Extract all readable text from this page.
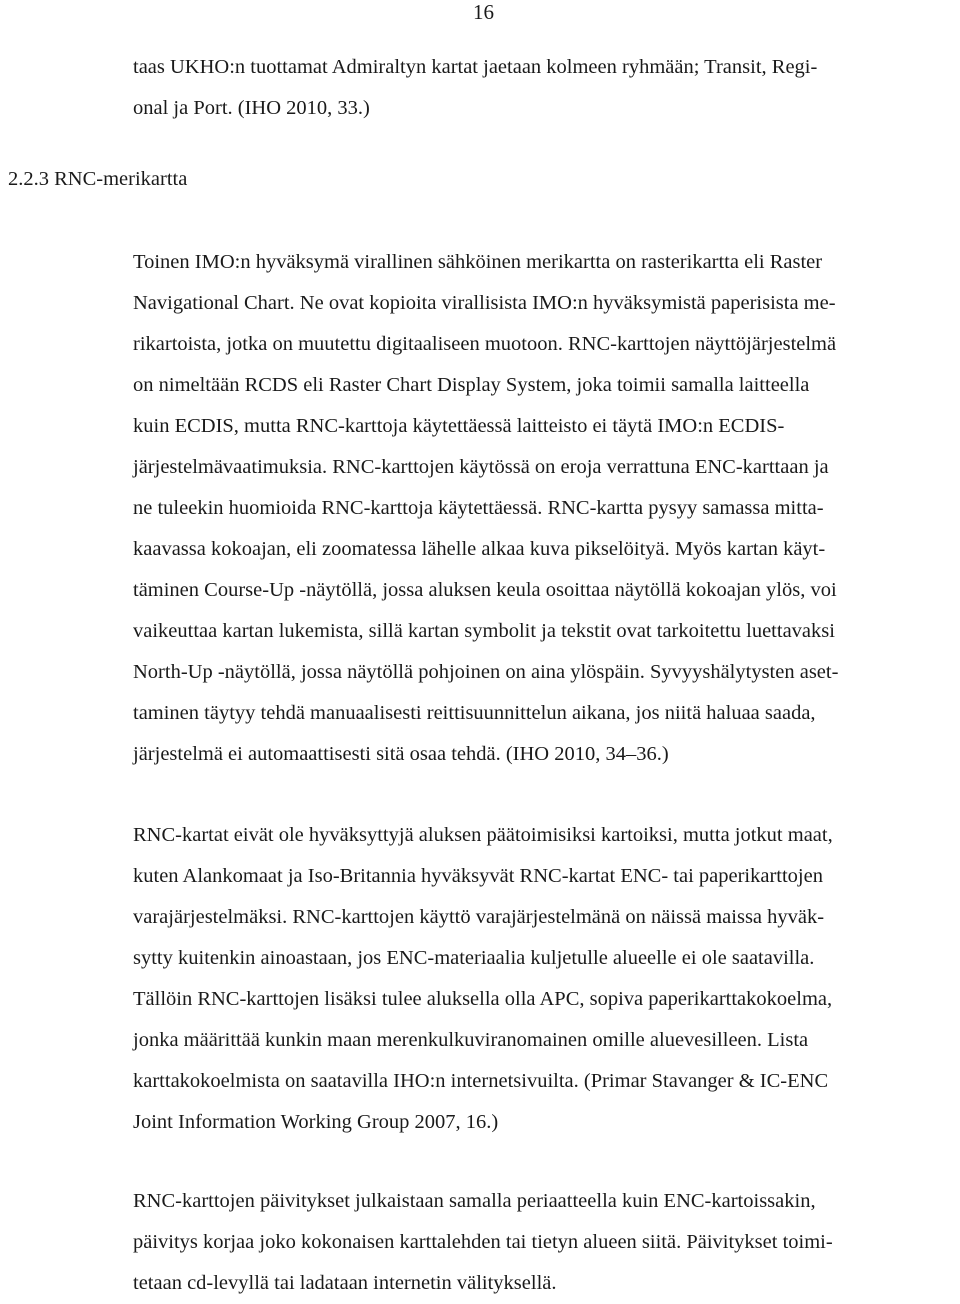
16
taas UKHO:n tuottamat Admiraltyn kartat jaetaan kolmeen ryhmään; Transit, Regi-
onal ja Port. (IHO 2010, 33.)
2.2.3 RNC-merikartta
Toinen IMO:n hyväksymä virallinen sähköinen merikartta on rasterikartta eli Raster
Navigational Chart. Ne ovat kopioita virallisista IMO:n hyväksymistä paperisista me-
rikartoista, jotka on muutettu digitaaliseen muotoon. RNC-karttojen näyttöjärjestelmä
on nimeltään RCDS eli Raster Chart Display System, joka toimii samalla laitteella
kuin ECDIS, mutta RNC-karttoja käytettäessä laitteisto ei täytä IMO:n ECDIS-
järjestelmävaatimuksia. RNC-karttojen käytössä on eroja verrattuna ENC-karttaan ja
ne tuleekin huomioida RNC-karttoja käytettäessä. RNC-kartta pysyy samassa mitta-
kaavassa kokoajan, eli zoomatessa lähelle alkaa kuva pikselöityä. Myös kartan käyt-
täminen Course-Up -näytöllä, jossa aluksen keula osoittaa näytöllä kokoajan ylös, voi
vaikeuttaa kartan lukemista, sillä kartan symbolit ja tekstit ovat tarkoitettu luettavaksi
North-Up -näytöllä, jossa näytöllä pohjoinen on aina ylöspäin. Syvyyshälytysten aset-
taminen täytyy tehdä manuaalisesti reittisuunnittelun aikana, jos niitä haluaa saada,
järjestelmä ei automaattisesti sitä osaa tehdä. (IHO 2010, 34–36.)
RNC-kartat eivät ole hyväksyttyjä aluksen päätoimisiksi kartoiksi, mutta jotkut maat,
kuten Alankomaat ja Iso-Britannia hyväksyvät RNC-kartat ENC- tai paperikarttojen
varajärjestelmäksi. RNC-karttojen käyttö varajärjestelmänä on näissä maissa hyväk-
sytty kuitenkin ainoastaan, jos ENC-materiaalia kuljetulle alueelle ei ole saatavilla.
Tällöin RNC-karttojen lisäksi tulee aluksella olla APC, sopiva paperikarttakokoelma,
jonka määrittää kunkin maan merenkulkuviranomainen omille aluevesilleen. Lista
karttakokoelmista on saatavilla IHO:n internetsivuilta. (Primar Stavanger & IC-ENC
Joint Information Working Group 2007, 16.)
RNC-karttojen päivitykset julkaistaan samalla periaatteella kuin ENC-kartoissakin,
päivitys korjaa joko kokonaisen karttalehden tai tietyn alueen siitä. Päivitykset toimi-
tetaan cd-levyllä tai ladataan internetin välityksellä.
